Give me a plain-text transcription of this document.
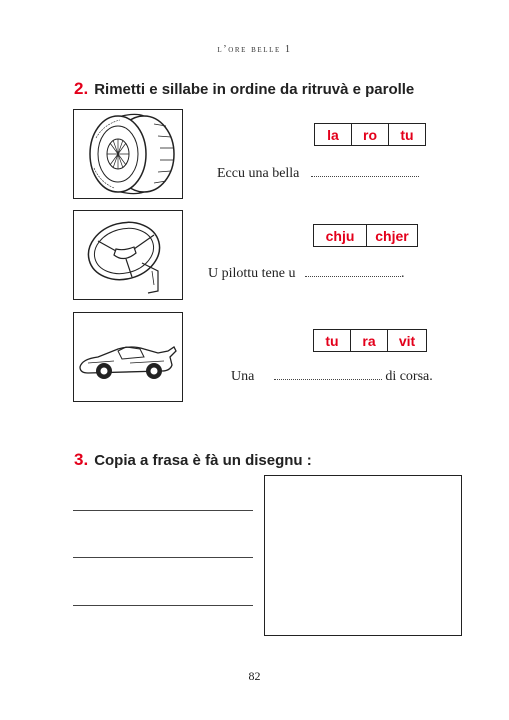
l’ore belle 1
2. Rimetti e sillabe in ordine da ritruvà e parolle
la	ro	tu
Eccu una bella
chju	chjer
U pilottu tene u	.
tu	ra	vit
Una	di corsa.
3. Copia a frasa è fà un disegnu :
82
